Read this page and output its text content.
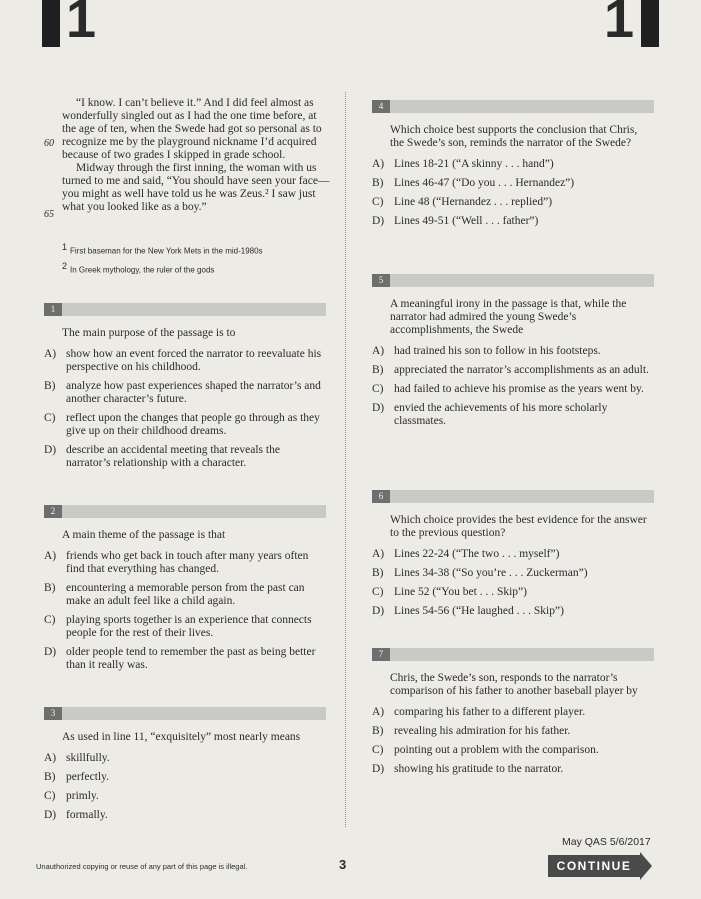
1	1

“I know. I can’t believe it.” And I did feel almost as wonderfully singled out as I had the one time before, at the age of ten, when the Swede had got so personal as to recognize me by the playground nickname I’d acquired because of two grades I skipped in grade school.

Midway through the first inning, the woman with us turned to me and said, “You should have seen your face—you might as well have told us he was Zeus.² I saw just what you looked like as a boy.”

60
65
$^1$ First baseman for the New York Mets in the mid-1980s
$^2$ In Greek mythology, the ruler of the gods
1
The main purpose of the passage is to
A) show how an event forced the narrator to reevaluate his perspective on his childhood.
B) analyze how past experiences shaped the narrator’s and another character’s future.
C) reflect upon the changes that people go through as they give up on their childhood dreams.
D) describe an accidental meeting that reveals the narrator’s relationship with a character.
2
A main theme of the passage is that
A) friends who get back in touch after many years often find that everything has changed.
B) encountering a memorable person from the past can make an adult feel like a child again.
C) playing sports together is an experience that connects people for the rest of their lives.
D) older people tend to remember the past as being better than it really was.
3
As used in line 11, “exquisitely” most nearly means
A) skillfully.
B) perfectly.
C) primly.
D) formally.
4
Which choice best supports the conclusion that Chris, the Swede’s son, reminds the narrator of the Swede?
A) Lines 18-21 (“A skinny . . . hand”)
B) Lines 46-47 (“Do you . . . Hernandez”)
C) Line 48 (“Hernandez . . . replied”)
D) Lines 49-51 (“Well . . . father”)
5
A meaningful irony in the passage is that, while the narrator had admired the young Swede’s accomplishments, the Swede
A) had trained his son to follow in his footsteps.
B) appreciated the narrator’s accomplishments as an adult.
C) had failed to achieve his promise as the years went by.
D) envied the achievements of his more scholarly classmates.
6
Which choice provides the best evidence for the answer to the previous question?
A) Lines 22-24 (“The two . . . myself”)
B) Lines 34-38 (“So you’re . . . Zuckerman”)
C) Line 52 (“You bet . . . Skip”)
D) Lines 54-56 (“He laughed . . . Skip”)
7
Chris, the Swede’s son, responds to the narrator’s comparison of his father to another baseball player by
A) comparing his father to a different player.
B) revealing his admiration for his father.
C) pointing out a problem with the comparison.
D) showing his gratitude to the narrator.
Unauthorized copying or reuse of any part of this page is illegal.	3
May QAS 5/6/2017
CONTINUE
